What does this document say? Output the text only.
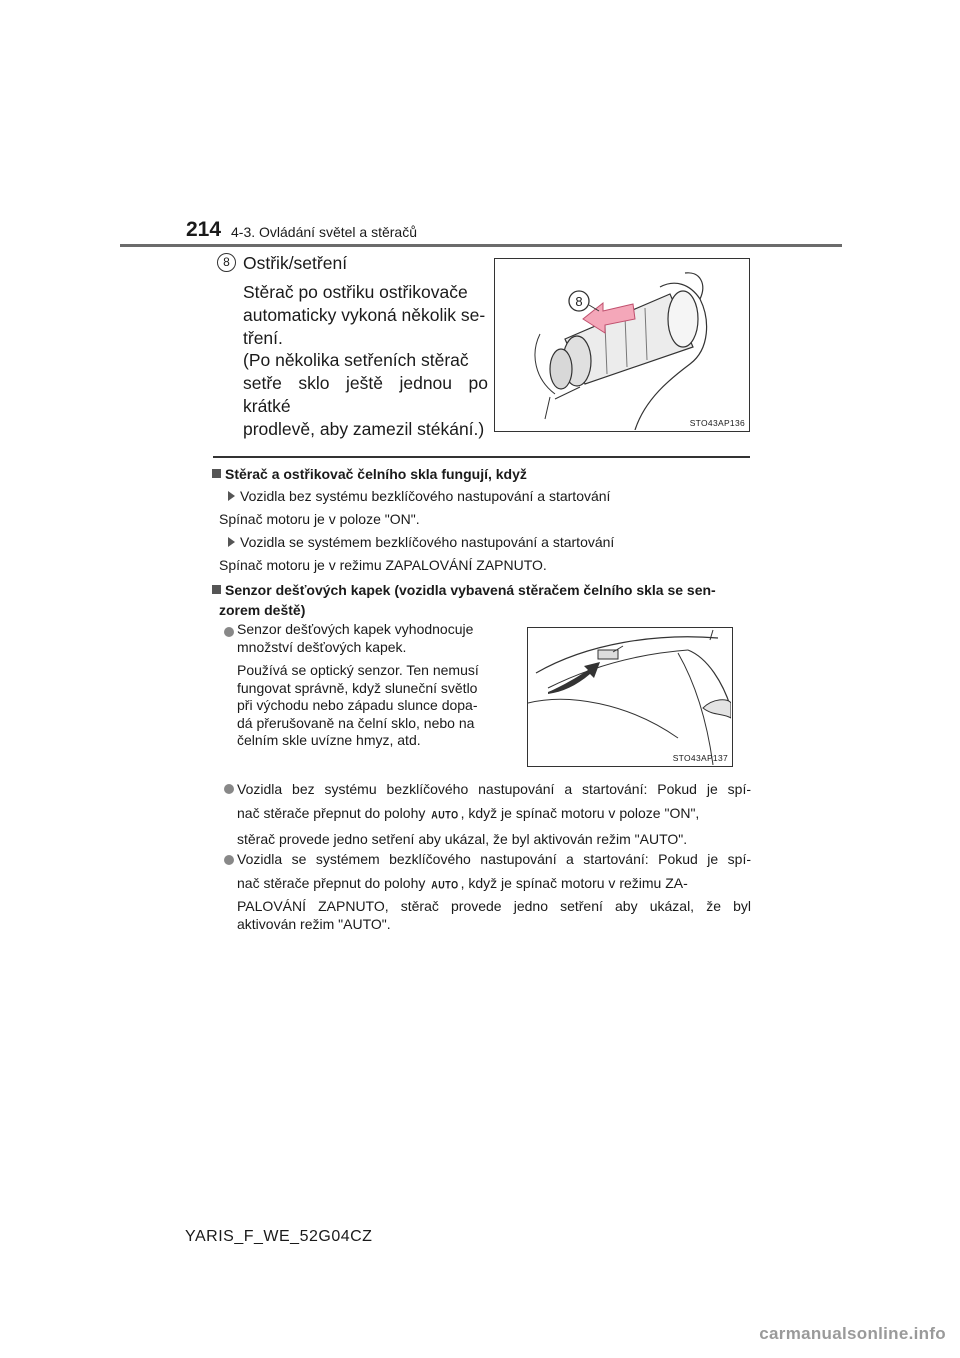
214 4-3. Ovládání světel a stěračů
8 Ostřik/setření
Stěrač po ostřiku ostřikovače
automaticky vykoná několik se-
tření.
(Po několika setřeních stěrač
setře sklo ještě jednou po krátké
prodlevě, aby zamezil stékání.)
8
STO43AP136
Stěrač a ostřikovač čelního skla fungují, když
Vozidla bez systému bezklíčového nastupování a startování
Spínač motoru je v poloze "ON".
Vozidla se systémem bezklíčového nastupování a startování
Spínač motoru je v režimu ZAPALOVÁNÍ ZAPNUTO.
Senzor dešťových kapek (vozidla vybavená stěračem čelního skla se sen-
zorem deště)
Senzor dešťových kapek vyhodnocuje
množství dešťových kapek.
Používá se optický senzor. Ten nemusí
fungovat správně, když sluneční světlo
při východu nebo západu slunce dopa-
dá přerušovaně na čelní sklo, nebo na
čelním skle uvízne hmyz, atd.
STO43AP137
Vozidla bez systému bezklíčového nastupování a startování: Pokud je spí-
nač stěrače přepnut do polohy AUTO , když je spínač motoru v poloze "ON",
stěrač provede jedno setření aby ukázal, že byl aktivován režim "AUTO".
Vozidla se systémem bezklíčového nastupování a startování: Pokud je spí-
nač stěrače přepnut do polohy AUTO , když je spínač motoru v režimu ZA-
PALOVÁNÍ ZAPNUTO, stěrač provede jedno setření aby ukázal, že byl
aktivován režim "AUTO".
YARIS_F_WE_52G04CZ
carmanualsonline.info
